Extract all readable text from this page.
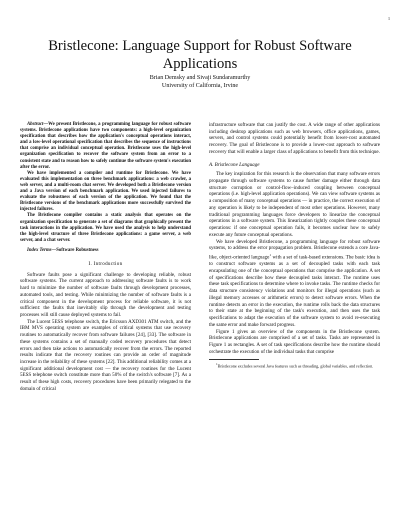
1
Bristlecone: Language Support for Robust Software Applications
Brian Demsky and Sivaji Sundaramurthy
University of California, Irvine

Abstract—We present Bristlecone, a programming language for robust software systems. Bristlecone applications have two components: a high-level organization specification that describes how the application's conceptual operations interact, and a low-level operational specification that describes the sequence of instructions that comprise an individual conceptual operation. Bristlecone uses the high-level organization specification to recover the software system from an error to a consistent state and to reason how to safely continue the software system's execution after the error.

We have implemented a compiler and runtime for Bristlecone. We have evaluated this implementation on three benchmark applications: a web crawler, a web server, and a multi-room chat server. We developed both a Bristlecone version and a Java version of each benchmark application. We used injected failures to evaluate the robustness of each version of the application. We found that the Bristlecone versions of the benchmark applications more successfully survived the injected failures.

The Bristlecone compiler contains a static analysis that operates on the organization specification to generate a set of diagrams that graphically present the task interactions in the application. We have used the analysis to help understand the high-level structure of three Bristlecone applications: a game server, a web server, and a chat server.

Index Terms—Software Robustness

I. Introduction

Software faults pose a significant challenge to developing reliable, robust software systems. The current approach to addressing software faults is to work hard to minimize the number of software faults through development processes, automated tools, and testing. While minimizing the number of software faults is a critical component in the development process for reliable software, it is not sufficient: the faults that inevitably slip through the development and testing processes will still cause deployed systems to fail.

The Lucent 5ESS telephone switch, the Ericsson AXD301 ATM switch, and the IBM MVS operating system are examples of critical systems that use recovery routines to automatically recover from software failures [24], [33]. The software in these systems contains a set of manually coded recovery procedures that detect errors and then take actions to automatically recover from the errors. The reported results indicate that the recovery routines can provide an order of magnitude increase in the reliability of these systems [22]. This additional reliability comes at a significant additional development cost — the recovery routines for the Lucent 5ESS telephone switch constitute more than 50% of the switch's software [7]. As a result of these high costs, recovery procedures have been primarily relegated to the domain of critical

infrastructure software that can justify the cost. A wide range of other applications including desktop applications such as web browsers, office applications, games, servers, and control systems could potentially benefit from lower-cost automated recovery. The goal of Bristlecone is to provide a lower-cost approach to software recovery that will enable a larger class of applications to benefit from this technique.

A. Bristlecone Language

The key inspiration for this research is the observation that many software errors propagate through software systems to cause further damage either through data structure corruption or control-flow–induced coupling between conceptual operations (i.e. high-level application operations). We can view software systems as a composition of many conceptual operations — in practice, the correct execution of any operation is likely to be independent of most other operations. However, many traditional programming languages force developers to linearize the conceptual operations in a software system. This linearization tightly couples these conceptual operations: if one conceptual operation fails, it becomes unclear how to safely execute any future conceptual operations.

We have developed Bristlecone, a programming language for robust software systems, to address the error propagation problem. Bristlecone extends a core Java-like, object-oriented language$^1$ with a set of task-based extensions. The basic idea is to construct software systems as a set of decoupled tasks with each task encapsulating one of the conceptual operations that comprise the application. A set of specifications describe how these decoupled tasks interact. The runtime uses these task specifications to determine where to invoke tasks. The runtime checks for data structure consistency violations and monitors for illegal operations (such as illegal memory accesses or arithmetic errors) to detect software errors. When the runtime detects an error in the execution, the runtime rolls back the data structures to their state at the beginning of the task's execution, and then uses the task specifications to adapt the execution of the software system to avoid re-executing the same error and make forward progress.

Figure 1 gives an overview of the components in the Bristlecone system. Bristlecone applications are comprised of a set of tasks. Tasks are represented in Figure 1 as rectangles. A set of task specifications describe how the runtime should orchestrate the execution of the individual tasks that comprise

$^1$Bristlecone excludes several Java features such as threading, global variables, and reflection.
